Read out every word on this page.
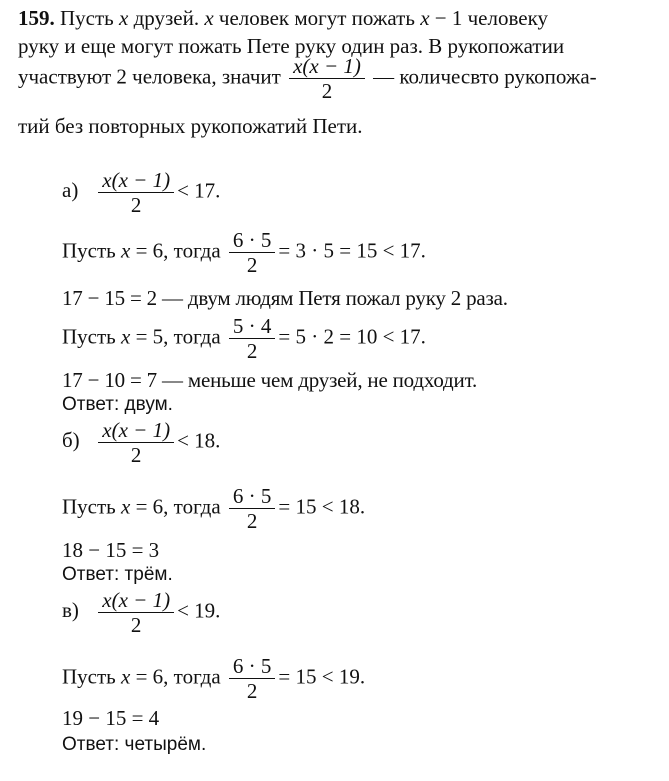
159. Пусть x друзей. x человек могут пожать x − 1 человеку
руку и еще могут пожать Пете руку один раз. В рукопожатии
участвуют 2 человека, значит $\frac{x(x - 1)}{2}$ — количесвто рукопожа-
тий без повторных рукопожатий Пети.
$а) \frac{x(x - 1)}{2} < 17$.
Пусть x = 6, тогда $\frac{6 \cdot 5}{2} = 3 \cdot 5 = 15 < 17$.
17 − 15 = 2 — двум людям Петя пожал руку 2 раза.
Пусть x = 5, тогда $\frac{5 \cdot 4}{2} = 5 \cdot 2 = 10 < 17$.
17 − 10 = 7 — меньше чем друзей, не подходит.
Ответ: двум.
$б) \frac{x(x - 1)}{2} < 18$.
Пусть x = 6, тогда $\frac{6 \cdot 5}{2} = 15 < 18$.
18 − 15 = 3
Ответ: трём.
$в) \frac{x(x - 1)}{2} < 19$.
Пусть x = 6, тогда $\frac{6 \cdot 5}{2} = 15 < 19$.
19 − 15 = 4
Ответ: четырём.
